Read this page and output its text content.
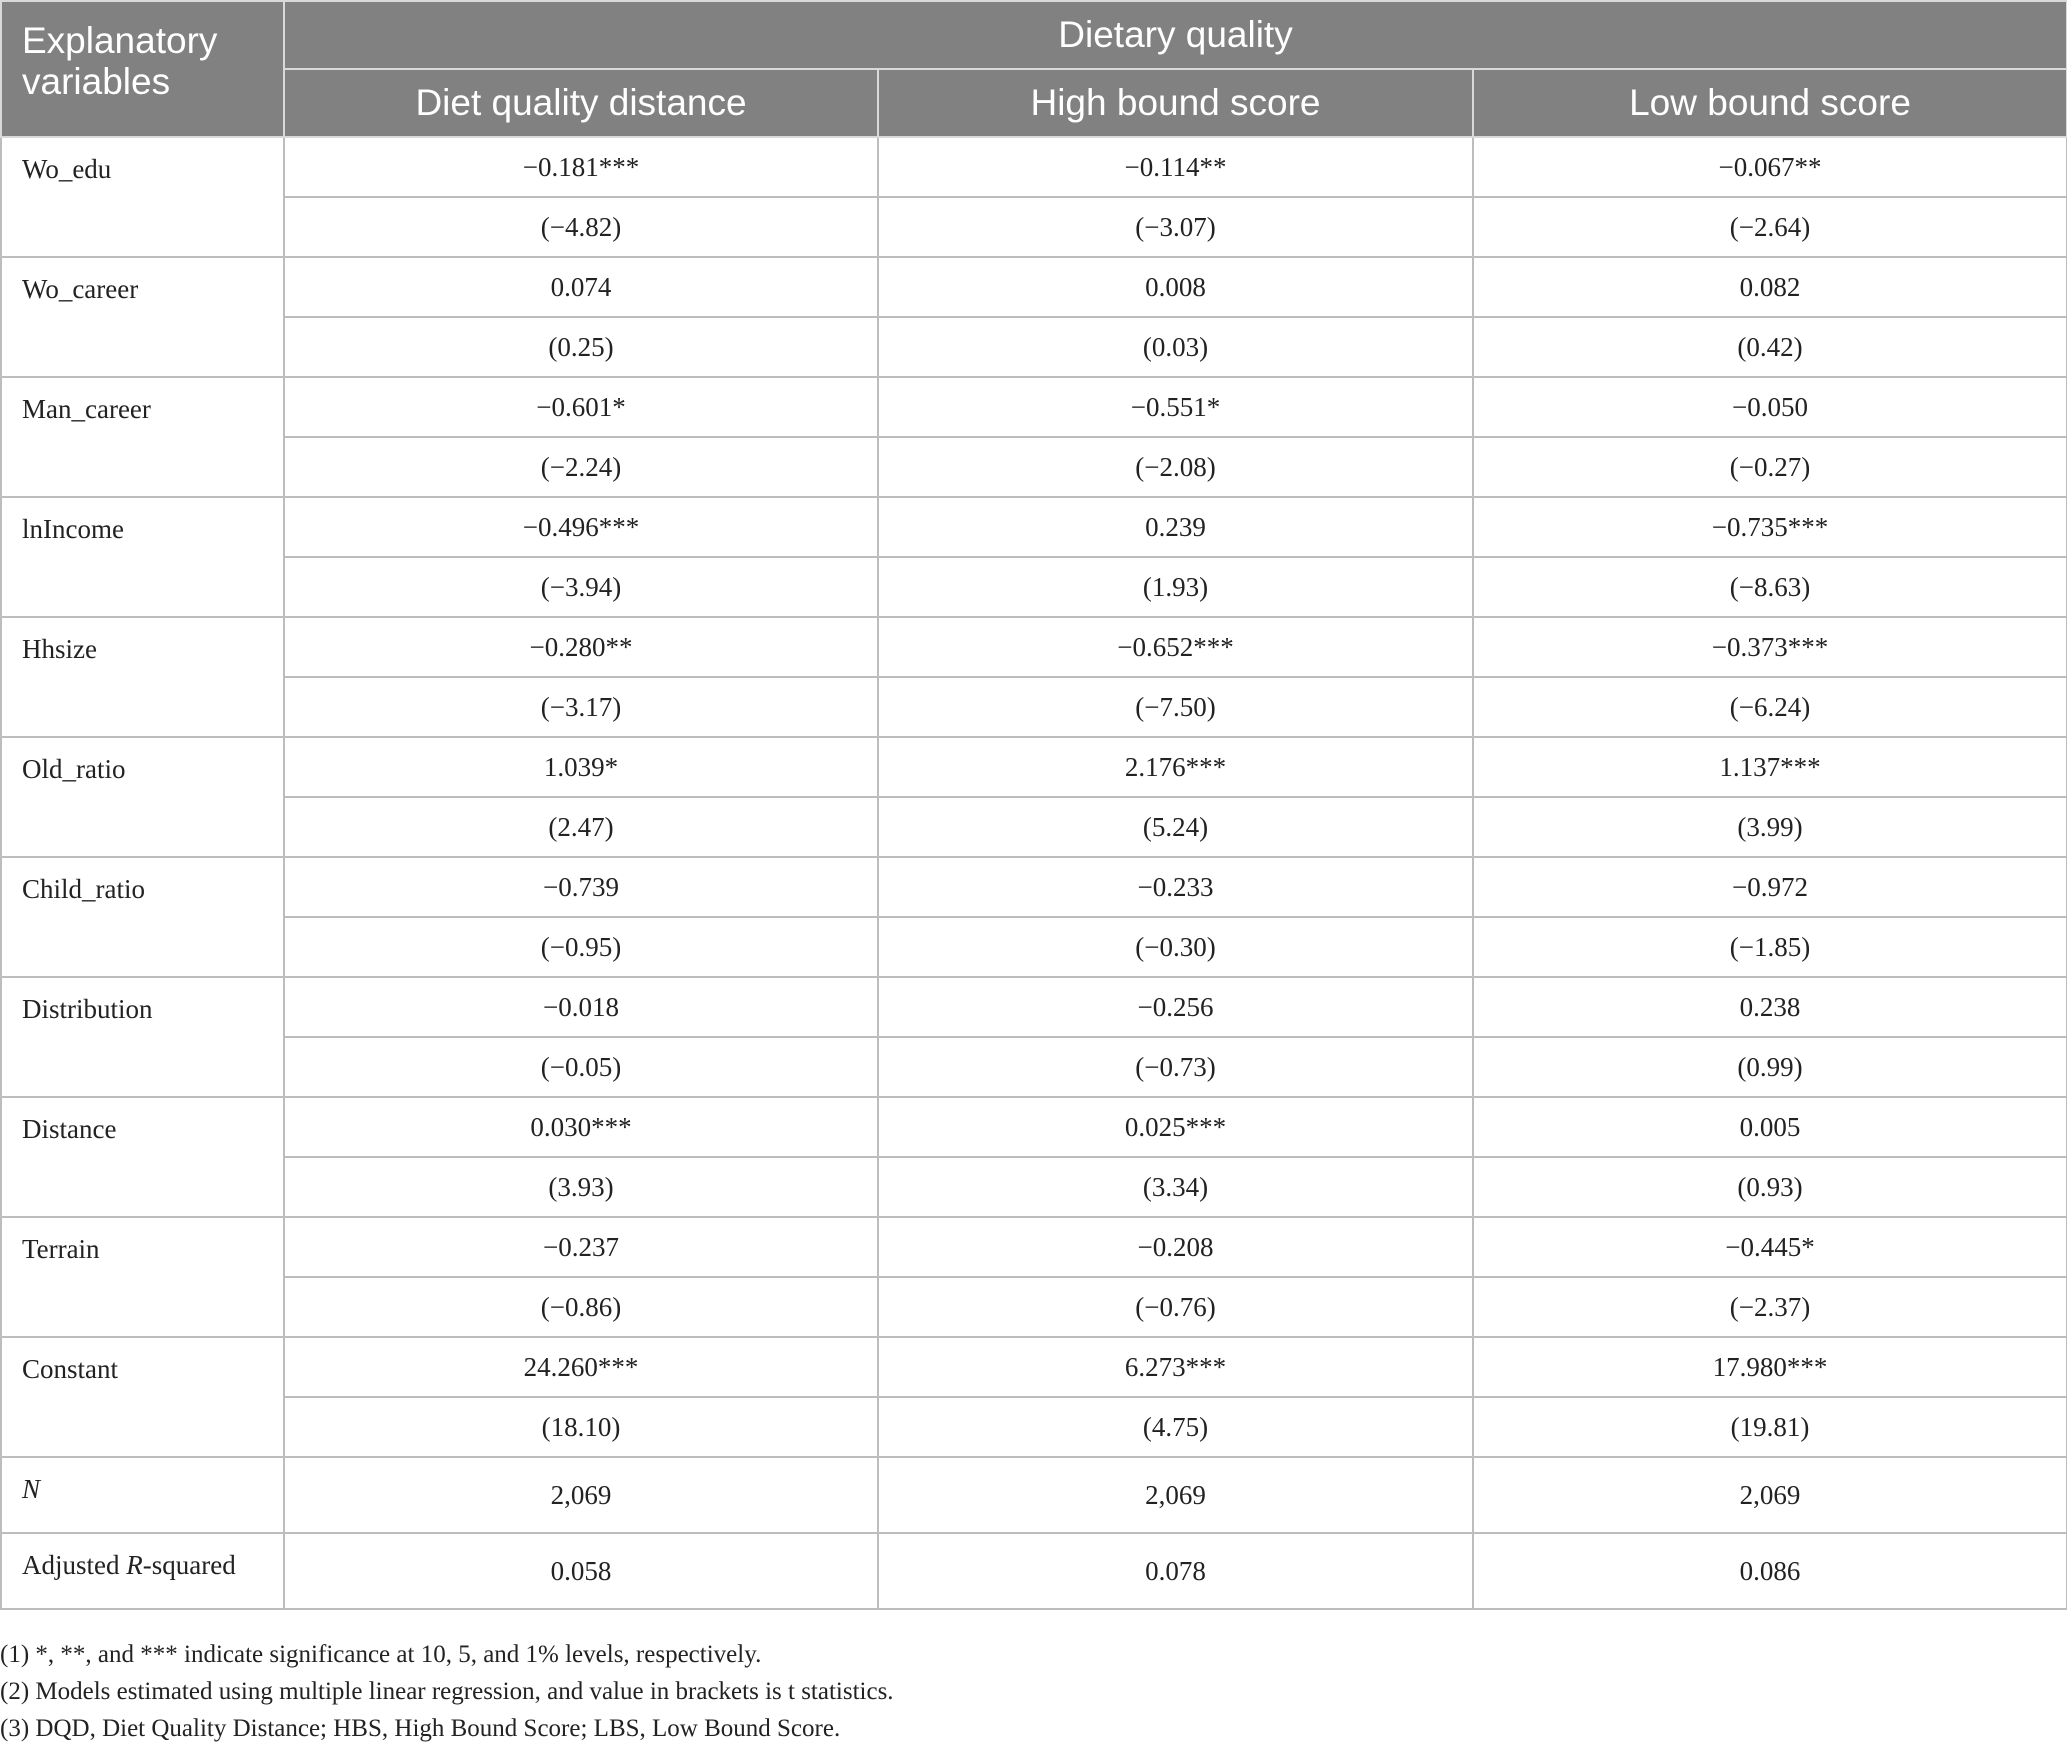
Explanatory variables	Dietary quality		
	Diet quality distance	High bound score	Low bound score
Wo_edu	−0.181***	−0.114**	−0.067**
	(−4.82)	(−3.07)	(−2.64)
Wo_career	0.074	0.008	0.082
	(0.25)	(0.03)	(0.42)
Man_career	−0.601*	−0.551*	−0.050
	(−2.24)	(−2.08)	(−0.27)
lnIncome	−0.496***	0.239	−0.735***
	(−3.94)	(1.93)	(−8.63)
Hhsize	−0.280**	−0.652***	−0.373***
	(−3.17)	(−7.50)	(−6.24)
Old_ratio	1.039*	2.176***	1.137***
	(2.47)	(5.24)	(3.99)
Child_ratio	−0.739	−0.233	−0.972
	(−0.95)	(−0.30)	(−1.85)
Distribution	−0.018	−0.256	0.238
	(−0.05)	(−0.73)	(0.99)
Distance	0.030***	0.025***	0.005
	(3.93)	(3.34)	(0.93)
Terrain	−0.237	−0.208	−0.445*
	(−0.86)	(−0.76)	(−2.37)
Constant	24.260***	6.273***	17.980***
	(18.10)	(4.75)	(19.81)
N	2,069	2,069	2,069
Adjusted R-squared	0.058	0.078	0.086
(1) *, **, and *** indicate significance at 10, 5, and 1% levels, respectively.
(2) Models estimated using multiple linear regression, and value in brackets is t statistics.
(3) DQD, Diet Quality Distance; HBS, High Bound Score; LBS, Low Bound Score.
